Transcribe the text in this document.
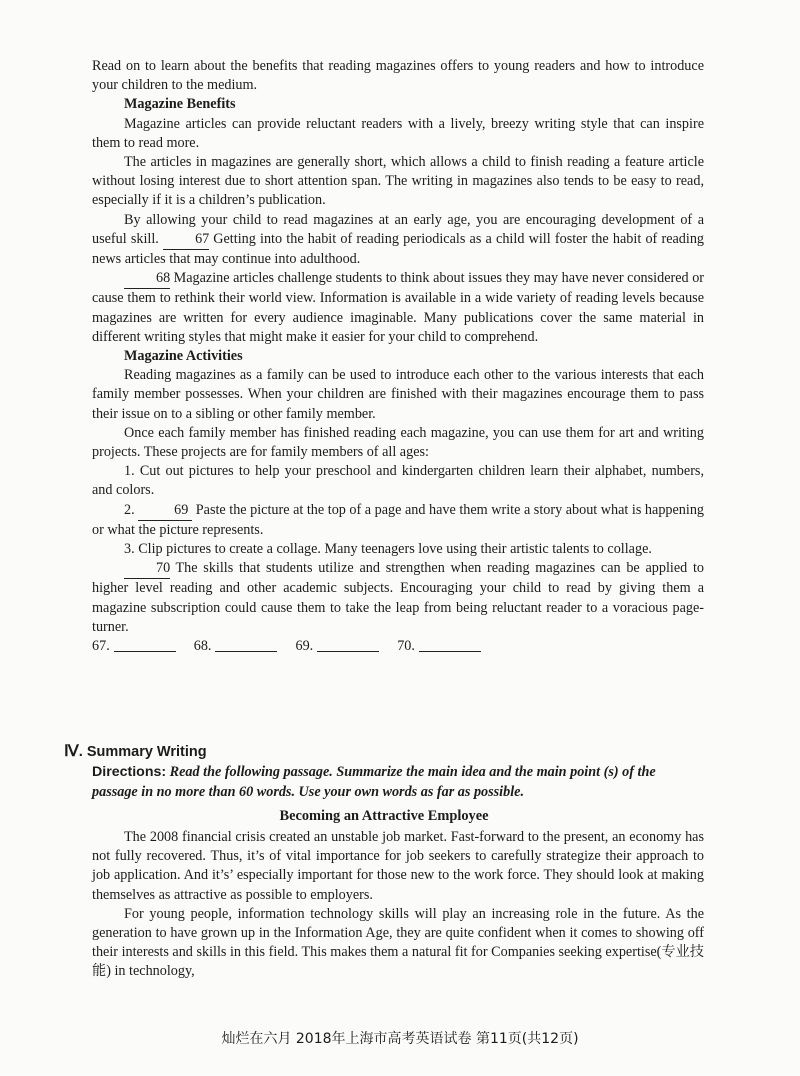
Read on to learn about the benefits that reading magazines offers to young readers and how to introduce your children to the medium.

Magazine Benefits

Magazine articles can provide reluctant readers with a lively, breezy writing style that can inspire them to read more.

The articles in magazines are generally short, which allows a child to finish reading a feature article without losing interest due to short attention span. The writing in magazines also tends to be easy to read, especially if it is a children’s publication.

By allowing your child to read magazines at an early age, you are encouraging development of a useful skill.	67 Getting into the habit of reading periodicals as a child will foster the habit of reading news articles that may continue into adulthood.

68 Magazine articles challenge students to think about issues they may have never considered or cause them to rethink their world view. Information is available in a wide variety of reading levels because magazines are written for every audience imaginable. Many publications cover the same material in different writing styles that might make it easier for your child to comprehend.

Magazine Activities

Reading magazines as a family can be used to introduce each other to the various interests that each family member possesses. When your children are finished with their magazines encourage them to pass their issue on to a sibling or other family member.

Once each family member has finished reading each magazine, you can use them for art and writing projects. These projects are for family members of all ages:

1. Cut out pictures to help your preschool and kindergarten children learn their alphabet, numbers, and colors.

2.	69 Paste the picture at the top of a page and have them write a story about what is happening or what the picture represents.

3. Clip pictures to create a collage. Many teenagers love using their artistic talents to collage.

70 The skills that students utilize and strengthen when reading magazines can be applied to higher level reading and other academic subjects. Encouraging your child to read by giving them a magazine subscription could cause them to take the leap from being reluctant reader to a voracious page-turner.

67.	68.	69.	70.

Ⅳ. Summary Writing

Directions: Read the following passage. Summarize the main idea and the main point (s) of the passage in no more than 60 words. Use your own words as far as possible.

Becoming an Attractive Employee

The 2008 financial crisis created an unstable job market. Fast-forward to the present, an economy has not fully recovered. Thus, it’s of vital importance for job seekers to carefully strategize their approach to job application. And it’s’ especially important for those new to the work force. They should look at making themselves as attractive as possible to employers.

For young people, information technology skills will play an increasing role in the future. As the generation to have grown up in the Information Age, they are quite confident when it comes to showing off their interests and skills in this field. This makes them a natural fit for Companies seeking expertise(专业技能) in technology,

灿烂在六月 2018年上海市高考英语试卷 第11页(共12页)
